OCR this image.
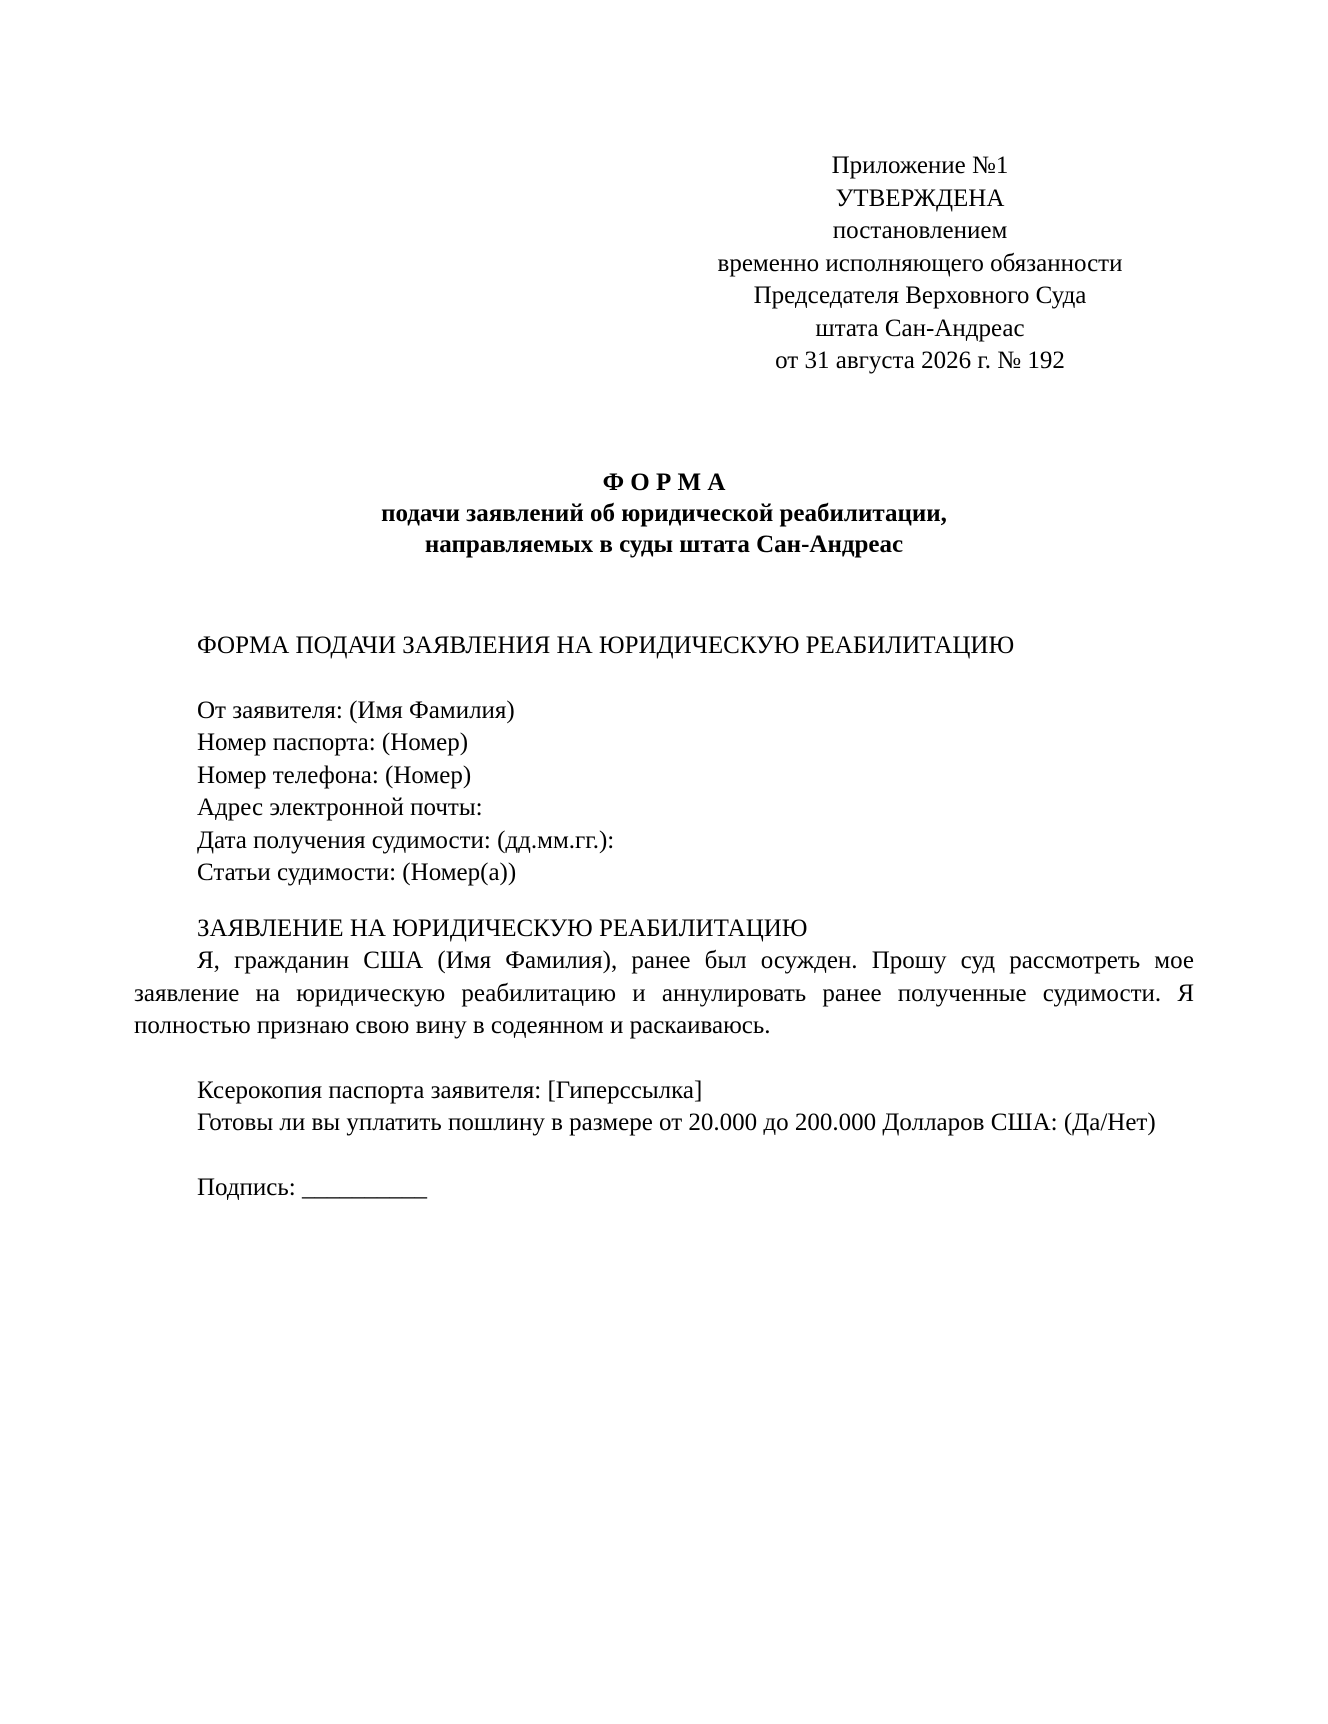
Приложение №1
УТВЕРЖДЕНА
постановлением
временно исполняющего обязанности
Председателя Верховного Суда
штата Сан-Андреас
от 31 августа 2026 г. № 192
Ф О Р М А
подачи заявлений об юридической реабилитации,
направляемых в суды штата Сан-Андреас
ФОРМА ПОДАЧИ ЗАЯВЛЕНИЯ НА ЮРИДИЧЕСКУЮ РЕАБИЛИТАЦИЮ
От заявителя: (Имя Фамилия)
Номер паспорта: (Номер)
Номер телефона: (Номер)
Адрес электронной почты:
Дата получения судимости: (дд.мм.гг.):
Статьи судимости: (Номер(а))
ЗАЯВЛЕНИЕ НА ЮРИДИЧЕСКУЮ РЕАБИЛИТАЦИЮ
Я, гражданин США (Имя Фамилия), ранее был осужден. Прошу суд рассмотреть мое заявление на юридическую реабилитацию и аннулировать ранее полученные судимости. Я полностью признаю свою вину в содеянном и раскаиваюсь.
Ксерокопия паспорта заявителя: [Гиперссылка]
Готовы ли вы уплатить пошлину в размере от 20.000 до 200.000 Долларов США: (Да/Нет)
Подпись: __________
